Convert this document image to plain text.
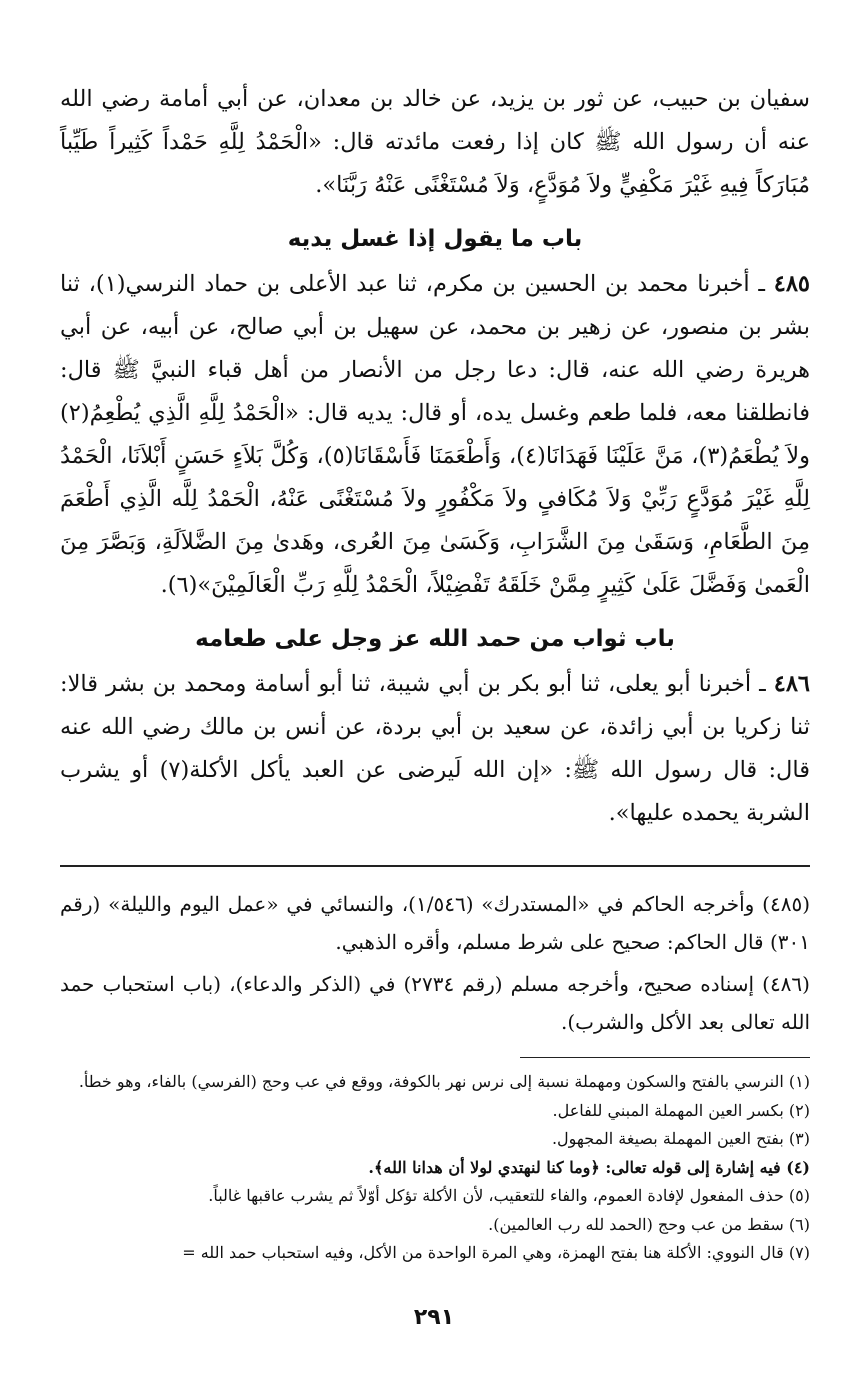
سفيان بن حبيب، عن ثور بن يزيد، عن خالد بن معدان، عن أبي أمامة رضي الله عنه أن رسول الله ﷺ كان إذا رفعت مائدته قال: «الْحَمْدُ لِلَّهِ حَمْداً كَثِيراً طَيِّباً مُبَارَكاً فِيهِ غَيْرَ مَكْفِيٍّ ولاَ مُوَدَّعٍ، وَلاَ مُسْتَغْنًى عَنْهُ رَبَّنَا».

باب ما يقول إذا غسل يديه

٤٨٥ ـ أخبرنا محمد بن الحسين بن مكرم، ثنا عبد الأعلى بن حماد النرسي(١)، ثنا بشر بن منصور، عن زهير بن محمد، عن سهيل بن أبي صالح، عن أبيه، عن أبي هريرة رضي الله عنه، قال: دعا رجل من الأنصار من أهل قباء النبيَّ ﷺ قال: فانطلقنا معه، فلما طعم وغسل يده، أو قال: يديه قال: «الْحَمْدُ لِلَّهِ الَّذِي يُطْعِمُ(٢) ولاَ يُطْعَمُ(٣)، مَنَّ عَلَيْنَا فَهَدَانَا(٤)، وَأَطْعَمَنَا فَأَسْقَانَا(٥)، وَكُلَّ بَلاَءٍ حَسَنٍ أَبْلاَنَا، الْحَمْدُ لِلَّهِ غَيْرَ مُوَدَّعٍ رَبِّيْ وَلاَ مُكَافىٍ ولاَ مَكْفُورٍ ولاَ مُسْتَغْنًى عَنْهُ، الْحَمْدُ لِلَّه الَّذِي أَطْعَمَ مِنَ الطَّعَامِ، وَسَقَىٰ مِنَ الشَّرَابِ، وَكَسَىٰ مِنَ العُرى، وهَدىٰ مِنَ الضَّلاَلَةِ، وَبَصَّرَ مِنَ الْعَمىٰ وَفَضَّلَ عَلَىٰ كَثِيرٍ مِمَّنْ خَلَقَهُ تَفْضِيْلاً، الْحَمْدُ لِلَّهِ رَبِّ الْعَالَمِيْنَ»(٦).

باب ثواب من حمد الله عز وجل على طعامه

٤٨٦ ـ أخبرنا أبو يعلى، ثنا أبو بكر بن أبي شيبة، ثنا أبو أسامة ومحمد بن بشر قالا: ثنا زكريا بن أبي زائدة، عن سعيد بن أبي بردة، عن أنس بن مالك رضي الله عنه قال: قال رسول الله ﷺ: «إن الله لَيرضى عن العبد يأكل الأكلة(٧) أو يشرب الشربة يحمده عليها».

(٤٨٥) وأخرجه الحاكم في «المستدرك» (١/٥٤٦)، والنسائي في «عمل اليوم والليلة» (رقم ٣٠١) قال الحاكم: صحيح على شرط مسلم، وأقره الذهبي.

(٤٨٦) إسناده صحيح، وأخرجه مسلم (رقم ٢٧٣٤) في (الذكر والدعاء)، (باب استحباب حمد الله تعالى بعد الأكل والشرب).

(١) النرسي بالفتح والسكون ومهملة نسبة إلى نرس نهر بالكوفة، ووقع في عب وحج (الفرسي) بالفاء، وهو خطأ.

(٢) بكسر العين المهملة المبني للفاعل.

(٣) بفتح العين المهملة بصيغة المجهول.

(٤) فيه إشارة إلى قوله تعالى: ﴿وما كنا لنهتدي لولا أن هدانا الله﴾.

(٥) حذف المفعول لإفادة العموم، والفاء للتعقيب، لأن الأكلة تؤكل أوّلاً ثم يشرب عاقبها غالباً.

(٦) سقط من عب وحج (الحمد لله رب العالمين).

(٧) قال النووي: الأكلة هنا بفتح الهمزة، وهي المرة الواحدة من الأكل، وفيه استحباب حمد الله =

٢٩١
